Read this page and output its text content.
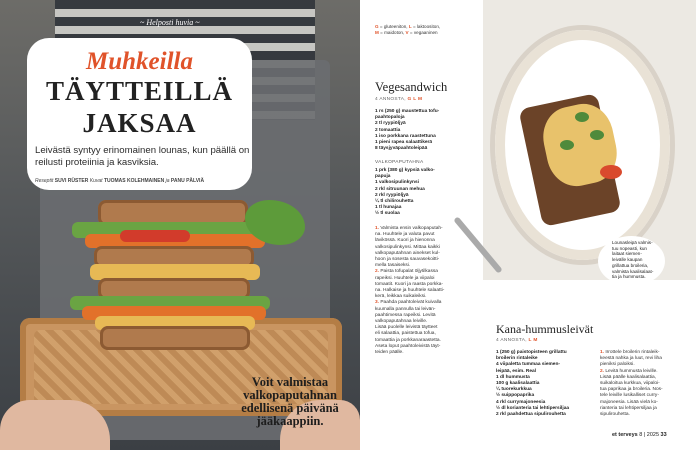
~ Helposti huvia ~
Muhkeilla
TÄYTTEILLÄ
JAKSAA
Leivästä syntyy erinomainen lounas, kun päällä on reilusti proteiinia ja kasviksia.
Reseptit SUVI RÜSTER Kuvat TUOMAS KOLEHMAINEN ja PANU PÄLVIÄ
Voit valmistaa valkopaputahnan edellisenä päivänä jääkaappiin.
Lounasleipä valmis-
tuu nopeasti, kun
laitaat siemen-
leivälle kaupan
grillattua broileria,
valmista kaalisalaat-
tia ja hummusta.
G = gluteeniton, L = laktoositon,
M = maidoton, V = vegaaninen
Vegesandwich
4 ANNOSTA, G L M
1 rs (250 g) maustettua tofu-
paahtopaloja
2 tl ryypiöljyä
2 tomaattia
1 iso porkkana raastettuna
1 pieni rapea salaattikerä
8 täysjyväpaahtoleipää
VALKOPAPUTAHNA
1 prk (380 g) kypsiä valko-
papuja
1 valkosipulinkynsi
2 rkl sitruunan mehua
2 rkl ryypiöljyä
¼ tl chilirouhetta
1 tl hunajaa
½ tl suolaa
1. Valmista ensin valkopaputah-
na. Huuhtele ja valuta pavut
lävikössä. Kuori ja hienonna
valkosipulinkynsi. Mittaa kaikki
valkopaputahnan ainekset kul-
hoon ja sosesta sauvasekoitti-
mella tasaiseksi.
2. Paista tofupalat öljytilkassa
rapeiksi. Huuhtele ja viipaloi
tomaatit. Kuori ja raasta porkka-
na. Halkaise ja huuhtele salaatti-
kerä, leikkaa suikaleiksi.
3. Paahda paahtoleivät kuivalla
kuumalla pannulla tai leivän-
paahtimessa rapeiksi. Levitä
valkopaputahnaa leiville.
Lisää puolelle leivistä täytteet
eli salaattia, paistettua tofua,
tomaattia ja porkkanaraastetta.
Aseta loput paahtoleivistä täyt-
teiden päälle.
Kana-hummusleivät
4 ANNOSTA, L M
1 (250 g) paistopisteen grillattu
broilerin rintaleike
4 viipaletta tummaa siemen-
leipää, esim. Real
1 dl hummusta
100 g kaalisalaattia
¼ tuorekurkkua
½ suippopaprika
4 rkl currymajoneesia
½ dl korianteria tai lehtipersiljaa
2 rkl paahdettua sipulirouhetta
1. Irrottele broilerin rintaleik-
keestä nahka ja luut, revi liha
pieniksi paloiksi.
2. Levitä hummusta leiville.
Lisää päälle kaalisalaattia,
suikaloitua kurkkua, viipaloi-
tua paprikaa ja broileria. Nos-
tele leiville lusikalliset curry-
majoneesia. Lisää vielä ko-
rianteria tai lehtipersiljaa ja
sipulirouhetta.
et terveys 8 | 2025 33
